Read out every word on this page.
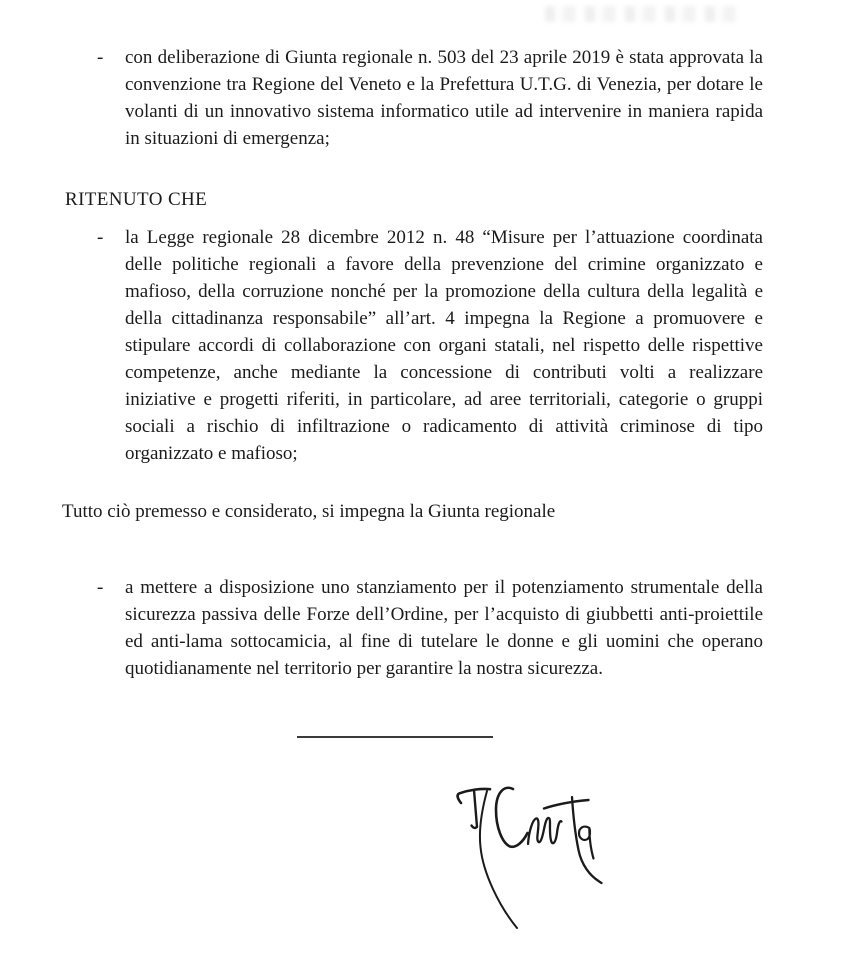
-	con deliberazione di Giunta regionale n. 503 del 23 aprile 2019 è stata approvata la convenzione tra Regione del Veneto e la Prefettura U.T.G. di Venezia, per dotare le volanti di un innovativo sistema informatico utile ad intervenire in maniera rapida in situazioni di emergenza;
RITENUTO CHE
-	la Legge regionale 28 dicembre 2012 n. 48 “Misure per l’attuazione coordinata delle politiche regionali a favore della prevenzione del crimine organizzato e mafioso, della corruzione nonché per la promozione della cultura della legalità e della cittadinanza responsabile” all’art. 4 impegna la Regione a promuovere e stipulare accordi di collaborazione con organi statali, nel rispetto delle rispettive competenze, anche mediante la concessione di contributi volti a realizzare iniziative e progetti riferiti, in particolare, ad aree territoriali, categorie o gruppi sociali a rischio di infiltrazione o radicamento di attività criminose di tipo organizzato e mafioso;
Tutto ciò premesso e considerato, si impegna la Giunta regionale
-	a mettere a disposizione uno stanziamento per il potenziamento strumentale della sicurezza passiva delle Forze dell’Ordine, per l’acquisto di giubbetti anti-proiettile ed anti-lama sottocamicia, al fine di tutelare le donne e gli uomini che operano quotidianamente nel territorio per garantire la nostra sicurezza.
